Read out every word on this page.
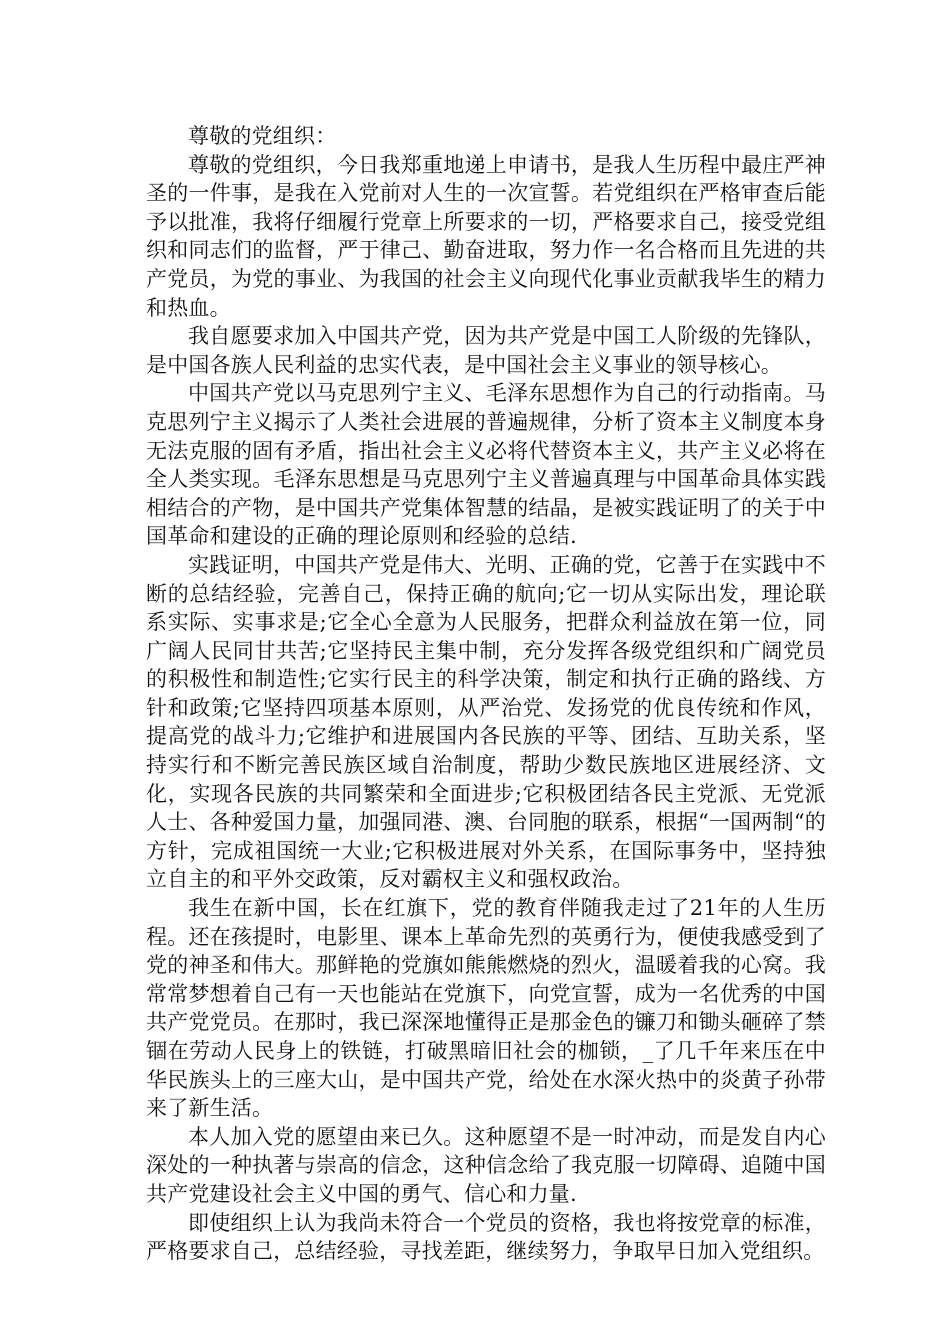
尊敬的党组织：

尊敬的党组织，今日我郑重地递上申请书，是我人生历程中最庄严神圣的一件事，是我在入党前对人生的一次宣誓。若党组织在严格审查后能予以批准，我将仔细履行党章上所要求的一切，严格要求自己，接受党组织和同志们的监督，严于律己、勤奋进取，努力作一名合格而且先进的共产党员，为党的事业、为我国的社会主义向现代化事业贡献我毕生的精力和热血。

我自愿要求加入中国共产党，因为共产党是中国工人阶级的先锋队，是中国各族人民利益的忠实代表，是中国社会主义事业的领导核心。

中国共产党以马克思列宁主义、毛泽东思想作为自己的行动指南。马克思列宁主义揭示了人类社会进展的普遍规律，分析了资本主义制度本身无法克服的固有矛盾，指出社会主义必将代替资本主义，共产主义必将在全人类实现。毛泽东思想是马克思列宁主义普遍真理与中国革命具体实践相结合的产物，是中国共产党集体智慧的结晶，是被实践证明了的关于中国革命和建设的正确的理论原则和经验的总结.

实践证明，中国共产党是伟大、光明、正确的党，它善于在实践中不断的总结经验，完善自己，保持正确的航向;它一切从实际出发，理论联系实际、实事求是;它全心全意为人民服务，把群众利益放在第一位，同广阔人民同甘共苦;它坚持民主集中制，充分发挥各级党组织和广阔党员的积极性和制造性;它实行民主的科学决策，制定和执行正确的路线、方针和政策;它坚持四项基本原则，从严治党、发扬党的优良传统和作风，提高党的战斗力;它维护和进展国内各民族的平等、团结、互助关系，坚持实行和不断完善民族区域自治制度，帮助少数民族地区进展经济、文化，实现各民族的共同繁荣和全面进步;它积极团结各民主党派、无党派人士、各种爱国力量，加强同港、澳、台同胞的联系，根据“一国两制“的方针，完成祖国统一大业;它积极进展对外关系，在国际事务中，坚持独立自主的和平外交政策，反对霸权主义和强权政治。

我生在新中国，长在红旗下，党的教育伴随我走过了21年的人生历程。还在孩提时，电影里、课本上革命先烈的英勇行为，便使我感受到了党的神圣和伟大。那鲜艳的党旗如熊熊燃烧的烈火，温暖着我的心窝。我常常梦想着自己有一天也能站在党旗下，向党宣誓，成为一名优秀的中国共产党党员。在那时，我已深深地懂得正是那金色的镰刀和锄头砸碎了禁锢在劳动人民身上的铁链，打破黑暗旧社会的枷锁，_了几千年来压在中华民族头上的三座大山，是中国共产党，给处在水深火热中的炎黄子孙带来了新生活。

本人加入党的愿望由来已久。这种愿望不是一时冲动，而是发自内心深处的一种执著与崇高的信念，这种信念给了我克服一切障碍、追随中国共产党建设社会主义中国的勇气、信心和力量.

即使组织上认为我尚未符合一个党员的资格，我也将按党章的标准，严格要求自己，总结经验，寻找差距，继续努力，争取早日加入党组织。
